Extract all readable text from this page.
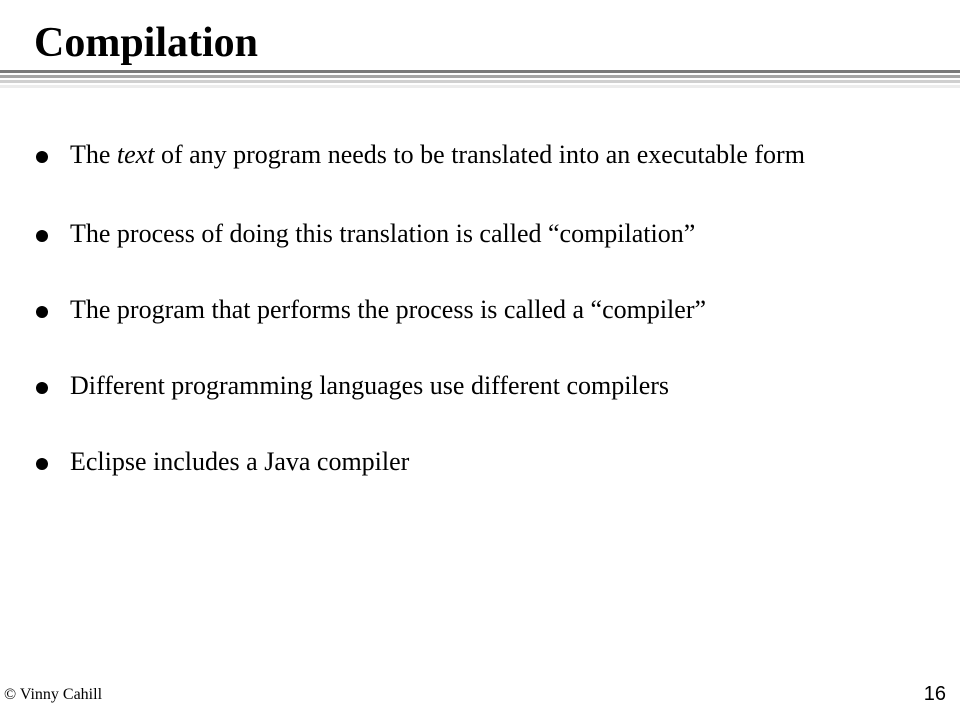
Compilation
The text of any program needs to be translated into an executable form
The process of doing this translation is called “compilation”
The program that performs the process is called a “compiler”
Different programming languages use different compilers
Eclipse includes a Java compiler
© Vinny Cahill	16
